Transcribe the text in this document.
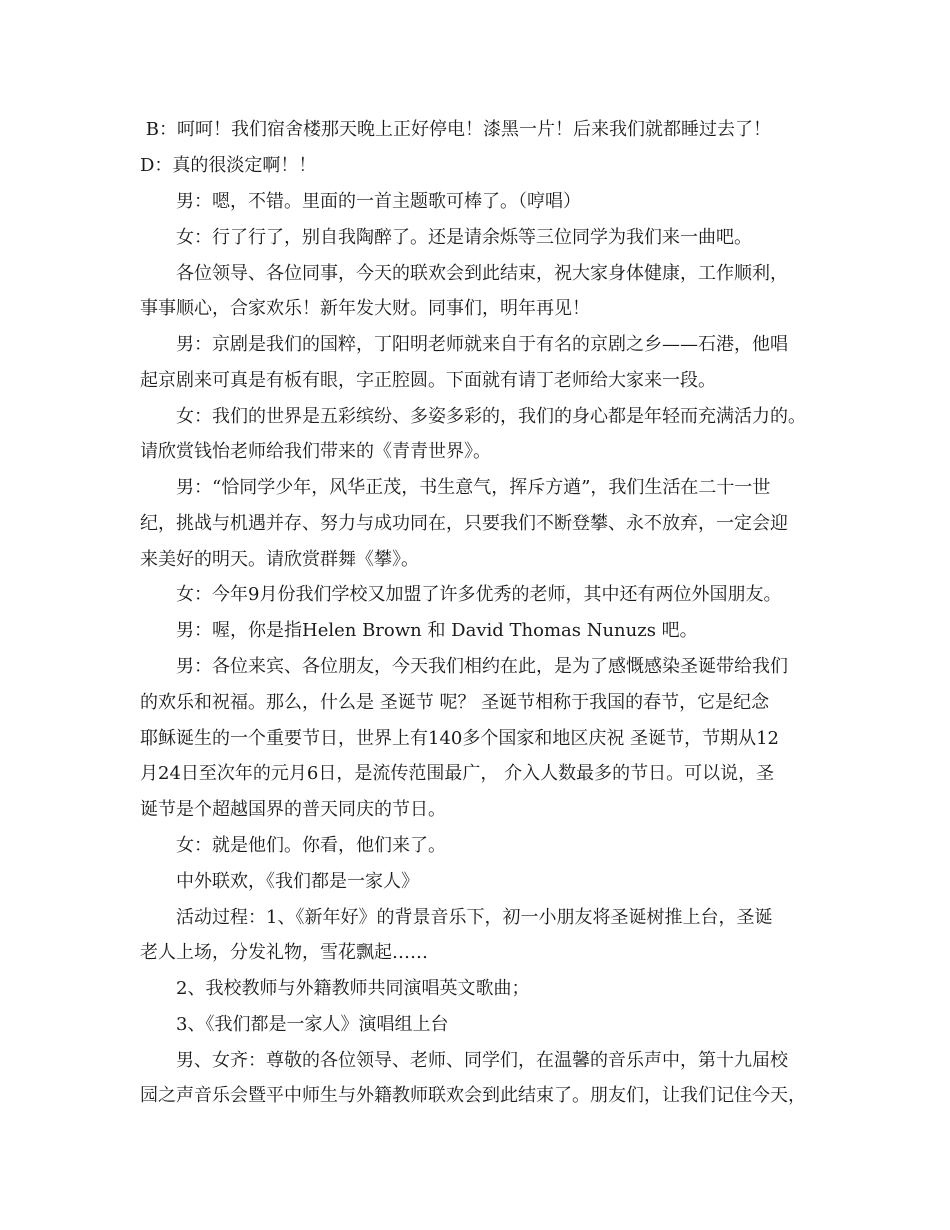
B：呵呵！我们宿舍楼那天晚上正好停电！漆黑一片！后来我们就都睡过去了！
D：真的很淡定啊！！
男：嗯，不错。里面的一首主题歌可棒了。（哼唱）
女：行了行了，别自我陶醉了。还是请余烁等三位同学为我们来一曲吧。
各位领导、各位同事，今天的联欢会到此结束，祝大家身体健康，工作顺利，
事事顺心，合家欢乐！新年发大财。同事们，明年再见！
男：京剧是我们的国粹，丁阳明老师就来自于有名的京剧之乡——石港，他唱
起京剧来可真是有板有眼，字正腔圆。下面就有请丁老师给大家来一段。
女：我们的世界是五彩缤纷、多姿多彩的，我们的身心都是年轻而充满活力的。
请欣赏钱怡老师给我们带来的《青青世界》。
男：“恰同学少年，风华正茂，书生意气，挥斥方遒”，我们生活在二十一世
纪，挑战与机遇并存、努力与成功同在，只要我们不断登攀、永不放弃，一定会迎
来美好的明天。请欣赏群舞《攀》。
女：今年9月份我们学校又加盟了许多优秀的老师，其中还有两位外国朋友。
男：喔，你是指Helen Brown 和 David Thomas Nunuzs 吧。
男：各位来宾、各位朋友，今天我们相约在此，是为了感慨感染圣诞带给我们
的欢乐和祝福。那么，什么是 圣诞节 呢？ 圣诞节相称于我国的春节，它是纪念
耶稣诞生的一个重要节日，世界上有140多个国家和地区庆祝 圣诞节，节期从12
月24日至次年的元月6日，是流传范围最广， 介入人数最多的节日。可以说，圣
诞节是个超越国界的普天同庆的节日。
女：就是他们。你看，他们来了。
中外联欢，《我们都是一家人》
活动过程：1、《新年好》的背景音乐下，初一小朋友将圣诞树推上台，圣诞
老人上场，分发礼物，雪花飘起……
2、我校教师与外籍教师共同演唱英文歌曲；
3、《我们都是一家人》演唱组上台
男、女齐：尊敬的各位领导、老师、同学们，在温馨的音乐声中，第十九届校
园之声音乐会暨平中师生与外籍教师联欢会到此结束了。朋友们，让我们记住今天，
